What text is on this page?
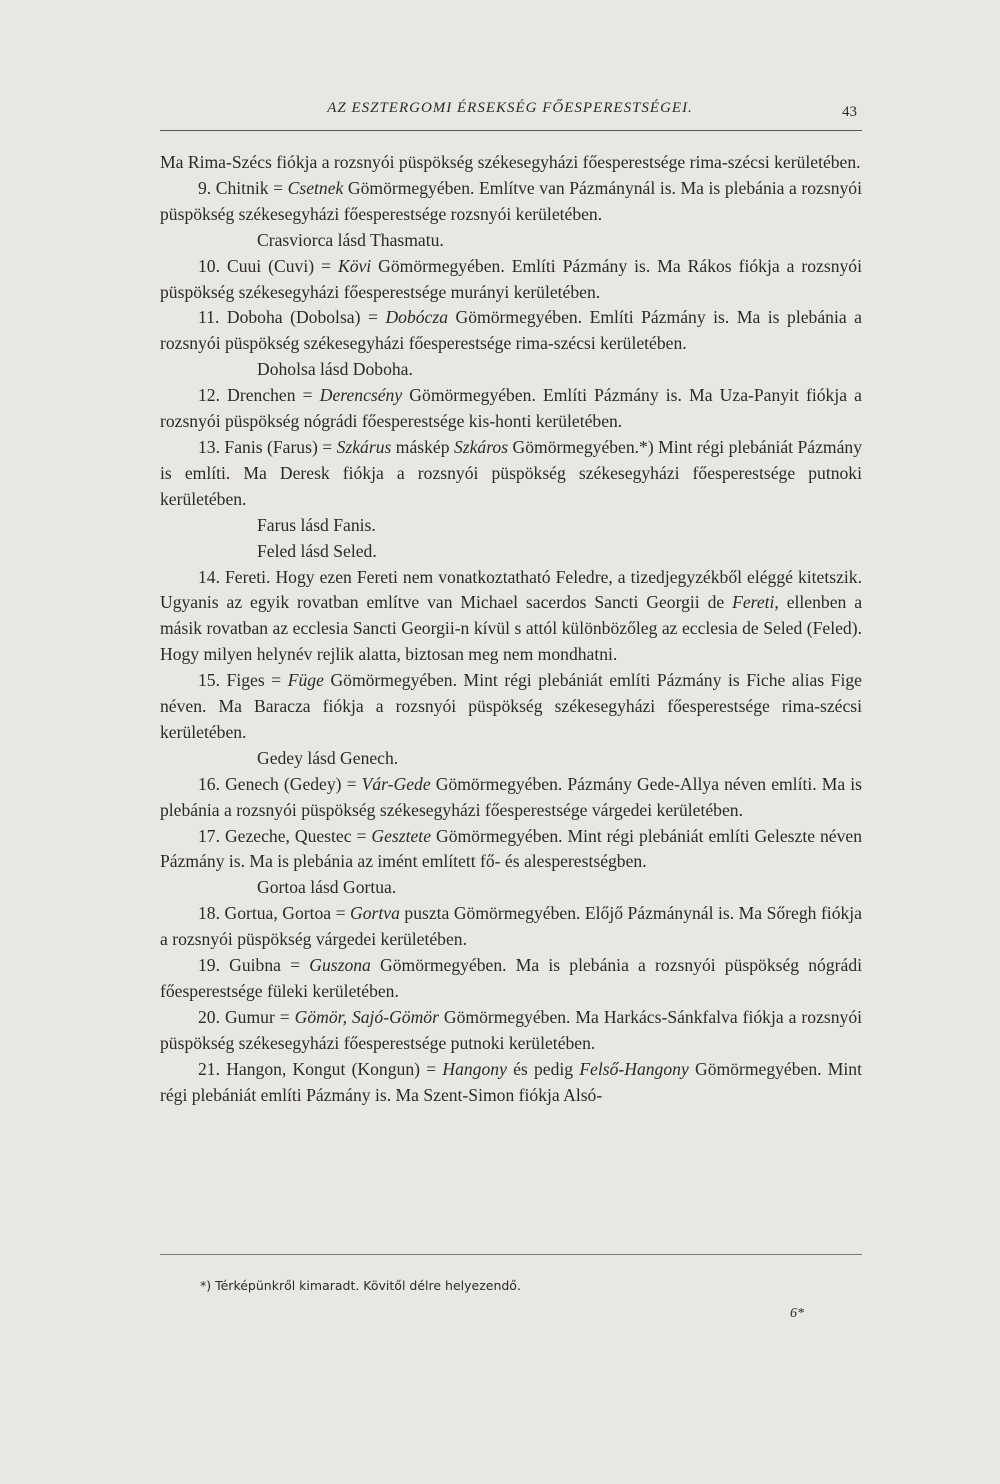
AZ ESZTERGOMI ÉRSEKSÉG FŐESPERESTSÉGEI.	43

Ma Rima-Szécs fiókja a rozsnyói püspökség székesegyházi főesperestsége rima-szécsi kerületében.

9. Chitnik = Csetnek Gömörmegyében. Említve van Pázmánynál is. Ma is plebánia a rozsnyói püspökség székesegyházi főesperestsége rozsnyói kerületében.

Crasviorca lásd Thasmatu.

10. Cuui (Cuvi) = Kövi Gömörmegyében. Említi Pázmány is. Ma Rákos fiókja a rozsnyói püspökség székesegyházi főesperestsége murányi kerületében.

11. Doboha (Dobolsa) = Dobócza Gömörmegyében. Említi Pázmány is. Ma is plebánia a rozsnyói püspökség székesegyházi főesperestsége rima-szécsi kerületében.

Doholsa lásd Doboha.

12. Drenchen = Derencsény Gömörmegyében. Említi Pázmány is. Ma Uza-Panyit fiókja a rozsnyói püspökség nógrádi főesperestsége kis-honti kerületében.

13. Fanis (Farus) = Szkárus máskép Szkáros Gömörmegyében.*) Mint régi plebániát Pázmány is említi. Ma Deresk fiókja a rozsnyói püspökség székesegyházi főesperestsége putnoki kerületében.

Farus lásd Fanis.

Feled lásd Seled.

14. Fereti. Hogy ezen Fereti nem vonatkoztatható Feledre, a tizedjegyzékből eléggé kitetszik. Ugyanis az egyik rovatban említve van Michael sacerdos Sancti Georgii de Fereti, ellenben a másik rovatban az ecclesia Sancti Georgii-n kívül s attól különbözőleg az ecclesia de Seled (Feled). Hogy milyen helynév rejlik alatta, biztosan meg nem mondhatni.

15. Figes = Füge Gömörmegyében. Mint régi plebániát említi Pázmány is Fiche alias Fige néven. Ma Baracza fiókja a rozsnyói püspökség székesegyházi főesperestsége rima-szécsi kerületében.

Gedey lásd Genech.

16. Genech (Gedey) = Vár-Gede Gömörmegyében. Pázmány Gede-Allya néven említi. Ma is plebánia a rozsnyói püspökség székesegyházi főesperestsége várgedei kerületében.

17. Gezeche, Questec = Gesztete Gömörmegyében. Mint régi plebániát említi Geleszte néven Pázmány is. Ma is plebánia az imént említett fő- és alesperestségben.

Gortoa lásd Gortua.

18. Gortua, Gortoa = Gortva puszta Gömörmegyében. Előjő Pázmánynál is. Ma Sőregh fiókja a rozsnyói püspökség várgedei kerületében.

19. Guibna = Guszona Gömörmegyében. Ma is plebánia a rozsnyói püspökség nógrádi főesperestsége füleki kerületében.

20. Gumur = Gömör, Sajó-Gömör Gömörmegyében. Ma Harkács-Sánkfalva fiókja a rozsnyói püspökség székesegyházi főesperestsége putnoki kerületében.

21. Hangon, Kongut (Kongun) = Hangony és pedig Felső-Hangony Gömörmegyében. Mint régi plebániát említi Pázmány is. Ma Szent-Simon fiókja Alsó-

*) Térképünkről kimaradt. Kövitől délre helyezendő.
6*
